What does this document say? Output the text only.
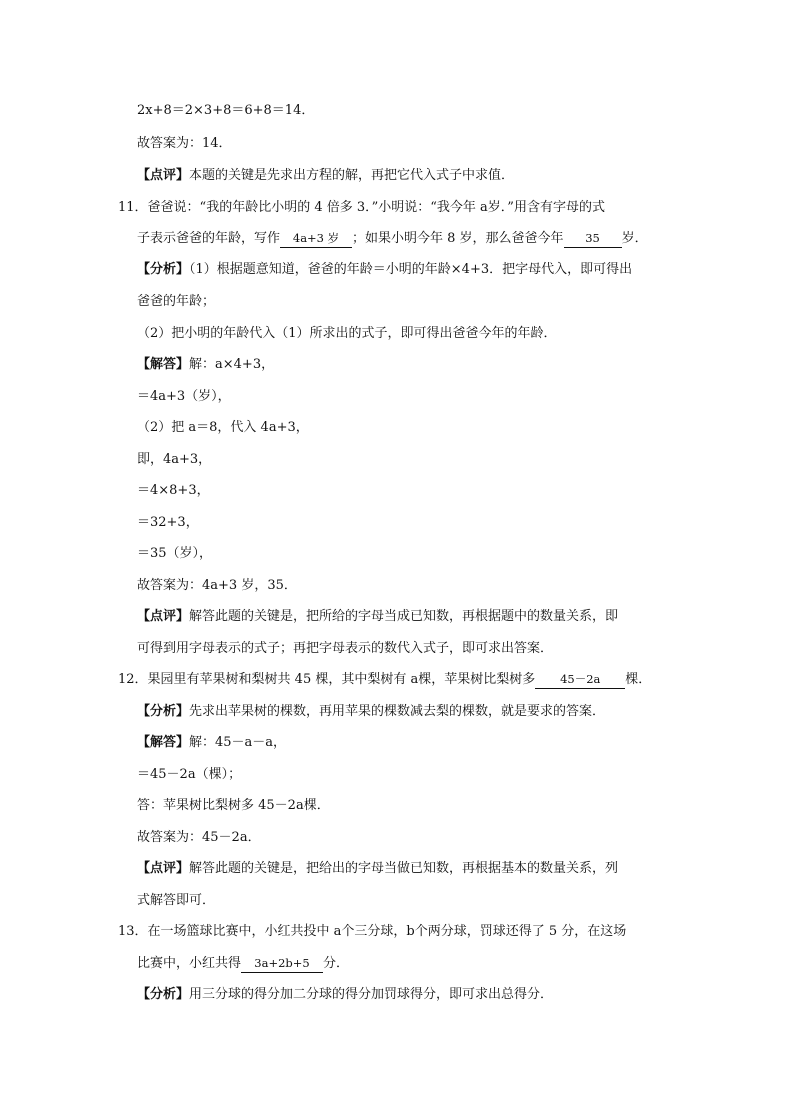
2x+8＝2×3+8＝6+8＝14．
故答案为：14．
【点评】本题的关键是先求出方程的解，再把它代入式子中求值．
11．爸爸说：“我的年龄比小明的 4 倍多 3．”小明说：“我今年 a岁．”用含有字母的式
子表示爸爸的年龄，写作 4a+3 岁 ；如果小明今年 8 岁，那么爸爸今年 35 岁．
【分析】（1）根据题意知道，爸爸的年龄＝小明的年龄×4+3．把字母代入，即可得出
爸爸的年龄；
（2）把小明的年龄代入（1）所求出的式子，即可得出爸爸今年的年龄．
【解答】解：a×4+3，
＝4a+3（岁），
（2）把 a＝8，代入 4a+3，
即，4a+3，
＝4×8+3，
＝32+3，
＝35（岁），
故答案为：4a+3 岁，35．
【点评】解答此题的关键是，把所给的字母当成已知数，再根据题中的数量关系，即
可得到用字母表示的式子；再把字母表示的数代入式子，即可求出答案．
12．果园里有苹果树和梨树共 45 棵，其中梨树有 a棵，苹果树比梨树多 45－2a 棵．
【分析】先求出苹果树的棵数，再用苹果的棵数减去梨的棵数，就是要求的答案．
【解答】解：45－a－a，
＝45－2a（棵）；
答：苹果树比梨树多 45－2a棵．
故答案为：45－2a．
【点评】解答此题的关键是，把给出的字母当做已知数，再根据基本的数量关系，列
式解答即可．
13．在一场篮球比赛中，小红共投中 a个三分球，b个两分球，罚球还得了 5 分，在这场
比赛中，小红共得 3a+2b+5 分．
【分析】用三分球的得分加二分球的得分加罚球得分，即可求出总得分．
